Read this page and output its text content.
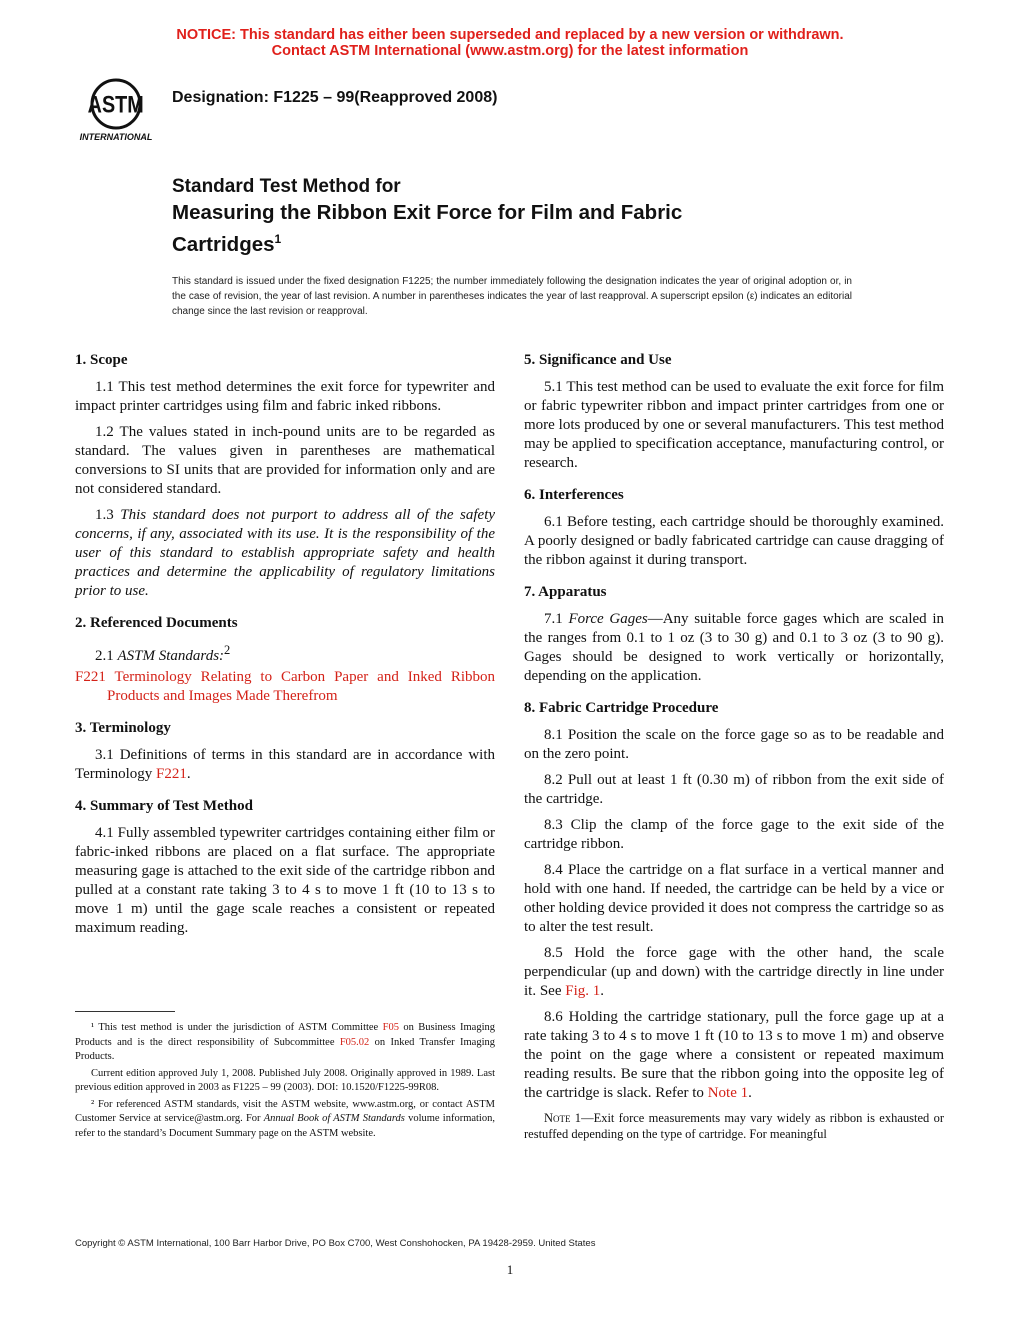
NOTICE: This standard has either been superseded and replaced by a new version or withdrawn.
Contact ASTM International (www.astm.org) for the latest information
ASTM
INTERNATIONAL
Designation: F1225 – 99(Reapproved 2008)
Standard Test Method for
Measuring the Ribbon Exit Force for Film and Fabric
Cartridges$^1$
This standard is issued under the fixed designation F1225; the number immediately following the designation indicates the year of original adoption or, in the case of revision, the year of last revision. A number in parentheses indicates the year of last reapproval. A superscript epsilon (ε) indicates an editorial change since the last revision or reapproval.
1. Scope

1.1 This test method determines the exit force for typewriter and impact printer cartridges using film and fabric inked ribbons.

1.2 The values stated in inch-pound units are to be regarded as standard. The values given in parentheses are mathematical conversions to SI units that are provided for information only and are not considered standard.

1.3 This standard does not purport to address all of the safety concerns, if any, associated with its use. It is the responsibility of the user of this standard to establish appropriate safety and health practices and determine the applicability of regulatory limitations prior to use.

2. Referenced Documents

2.1 ASTM Standards:$^2$

F221 Terminology Relating to Carbon Paper and Inked Ribbon Products and Images Made Therefrom
3. Terminology

3.1 Definitions of terms in this standard are in accordance with Terminology F221.

4. Summary of Test Method

4.1 Fully assembled typewriter cartridges containing either film or fabric-inked ribbons are placed on a flat surface. The appropriate measuring gage is attached to the exit side of the cartridge ribbon and pulled at a constant rate taking 3 to 4 s to move 1 ft (10 to 13 s to move 1 m) until the gage scale reaches a consistent or repeated maximum reading.

¹ This test method is under the jurisdiction of ASTM Committee F05 on Business Imaging Products and is the direct responsibility of Subcommittee F05.02 on Inked Transfer Imaging Products.

Current edition approved July 1, 2008. Published July 2008. Originally approved in 1989. Last previous edition approved in 2003 as F1225 – 99 (2003). DOI: 10.1520/F1225-99R08.

² For referenced ASTM standards, visit the ASTM website, www.astm.org, or contact ASTM Customer Service at service@astm.org. For Annual Book of ASTM Standards volume information, refer to the standard’s Document Summary page on the ASTM website.

5. Significance and Use

5.1 This test method can be used to evaluate the exit force for film or fabric typewriter ribbon and impact printer cartridges from one or more lots produced by one or several manufacturers. This test method may be applied to specification acceptance, manufacturing control, or research.

6. Interferences

6.1 Before testing, each cartridge should be thoroughly examined. A poorly designed or badly fabricated cartridge can cause dragging of the ribbon against it during transport.

7. Apparatus

7.1 Force Gages—Any suitable force gages which are scaled in the ranges from 0.1 to 1 oz (3 to 30 g) and 0.1 to 3 oz (3 to 90 g). Gages should be designed to work vertically or horizontally, depending on the application.

8. Fabric Cartridge Procedure

8.1 Position the scale on the force gage so as to be readable and on the zero point.

8.2 Pull out at least 1 ft (0.30 m) of ribbon from the exit side of the cartridge.

8.3 Clip the clamp of the force gage to the exit side of the cartridge ribbon.

8.4 Place the cartridge on a flat surface in a vertical manner and hold with one hand. If needed, the cartridge can be held by a vice or other holding device provided it does not compress the cartridge so as to alter the test result.

8.5 Hold the force gage with the other hand, the scale perpendicular (up and down) with the cartridge directly in line under it. See Fig. 1.

8.6 Holding the cartridge stationary, pull the force gage up at a rate taking 3 to 4 s to move 1 ft (10 to 13 s to move 1 m) and observe the point on the gage where a consistent or repeated maximum reading results. Be sure that the ribbon going into the opposite leg of the cartridge is slack. Refer to Note 1.

Note 1—Exit force measurements may vary widely as ribbon is exhausted or restuffed depending on the type of cartridge. For meaningful

Copyright © ASTM International, 100 Barr Harbor Drive, PO Box C700, West Conshohocken, PA 19428-2959. United States
1
